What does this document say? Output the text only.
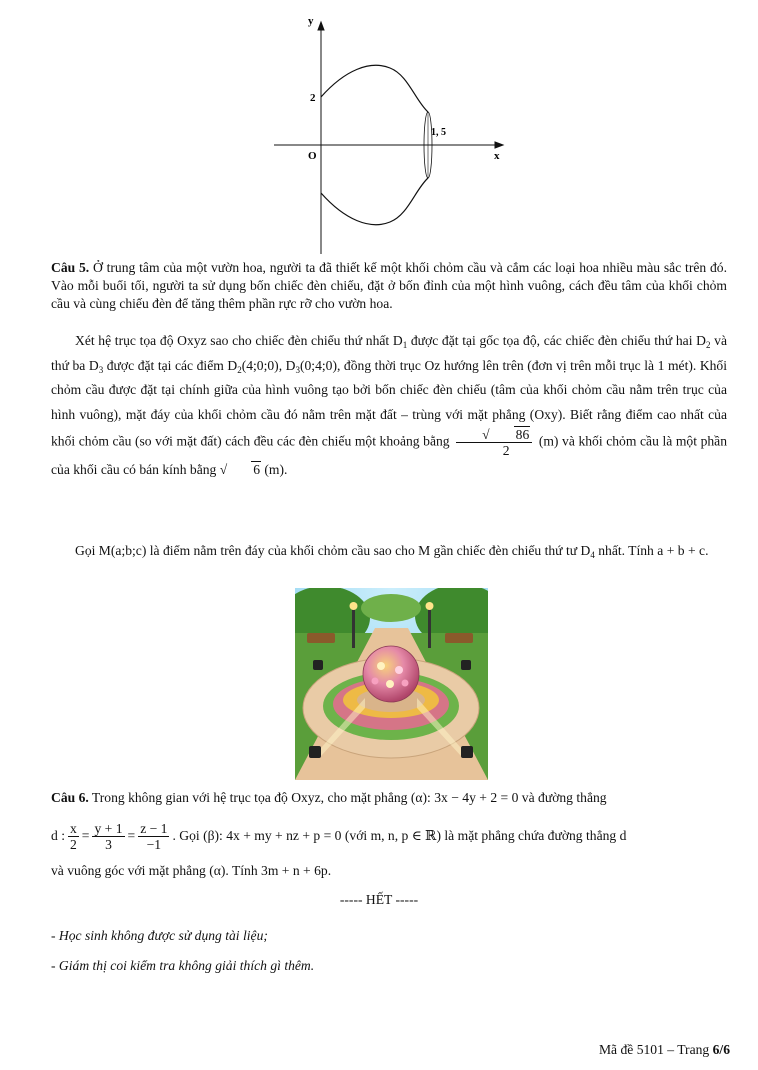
y
x
O
2
1, 5
Câu 5. Ở trung tâm của một vườn hoa, người ta đã thiết kế một khối chỏm cầu và cắm các loại hoa nhiều màu sắc trên đó. Vào mỗi buổi tối, người ta sử dụng bốn chiếc đèn chiếu, đặt ở bốn đỉnh của một hình vuông, cách đều tâm của khối chỏm cầu và cùng chiếu đèn để tăng thêm phần rực rỡ cho vườn hoa.
Xét hệ trục tọa độ Oxyz sao cho chiếc đèn chiếu thứ nhất $D_1$ được đặt tại gốc tọa độ, các chiếc đèn chiếu thứ hai $D_2$ và thứ ba $D_3$ được đặt tại các điểm $D_2(4;0;0)$, $D_3(0;4;0)$, đồng thời trục Oz hướng lên trên (đơn vị trên mỗi trục là 1 mét). Khối chỏm cầu được đặt tại chính giữa của hình vuông tạo bởi bốn chiếc đèn chiếu (tâm của khối chỏm cầu nằm trên trục của hình vuông), mặt đáy của khối chỏm cầu đó nằm trên mặt đất – trùng với mặt phẳng (Oxy). Biết rằng điểm cao nhất của khối chỏm cầu (so với mặt đất) cách đều các đèn chiếu một khoảng bằng $\frac{√ 86}{2} (m)$ và khối chỏm cầu là một phần của khối cầu có bán kính bằng √ 6 (m).
Gọi M(a;b;c) là điểm nằm trên đáy của khối chỏm cầu sao cho M gần chiếc đèn chiếu thứ tư $D_4$ nhất. Tính a + b + c.
Câu 6. Trong không gian với hệ trục tọa độ Oxyz, cho mặt phẳng (α): 3x − 4y + 2 = 0 và đường thẳng
d : $\frac{x}{2} = \frac{y + 1}{3} = \frac{z - 1}{-1}$ . Gọi (β): 4x + my + nz + p = 0 (với m, n, p ∈ ℝ) là mặt phẳng chứa đường thẳng d
và vuông góc với mặt phẳng (α). Tính 3m + n + 6p.
----- HẾT -----
- Học sinh không được sử dụng tài liệu;
- Giám thị coi kiểm tra không giải thích gì thêm.
Mã đề 5101 – Trang 6/6
